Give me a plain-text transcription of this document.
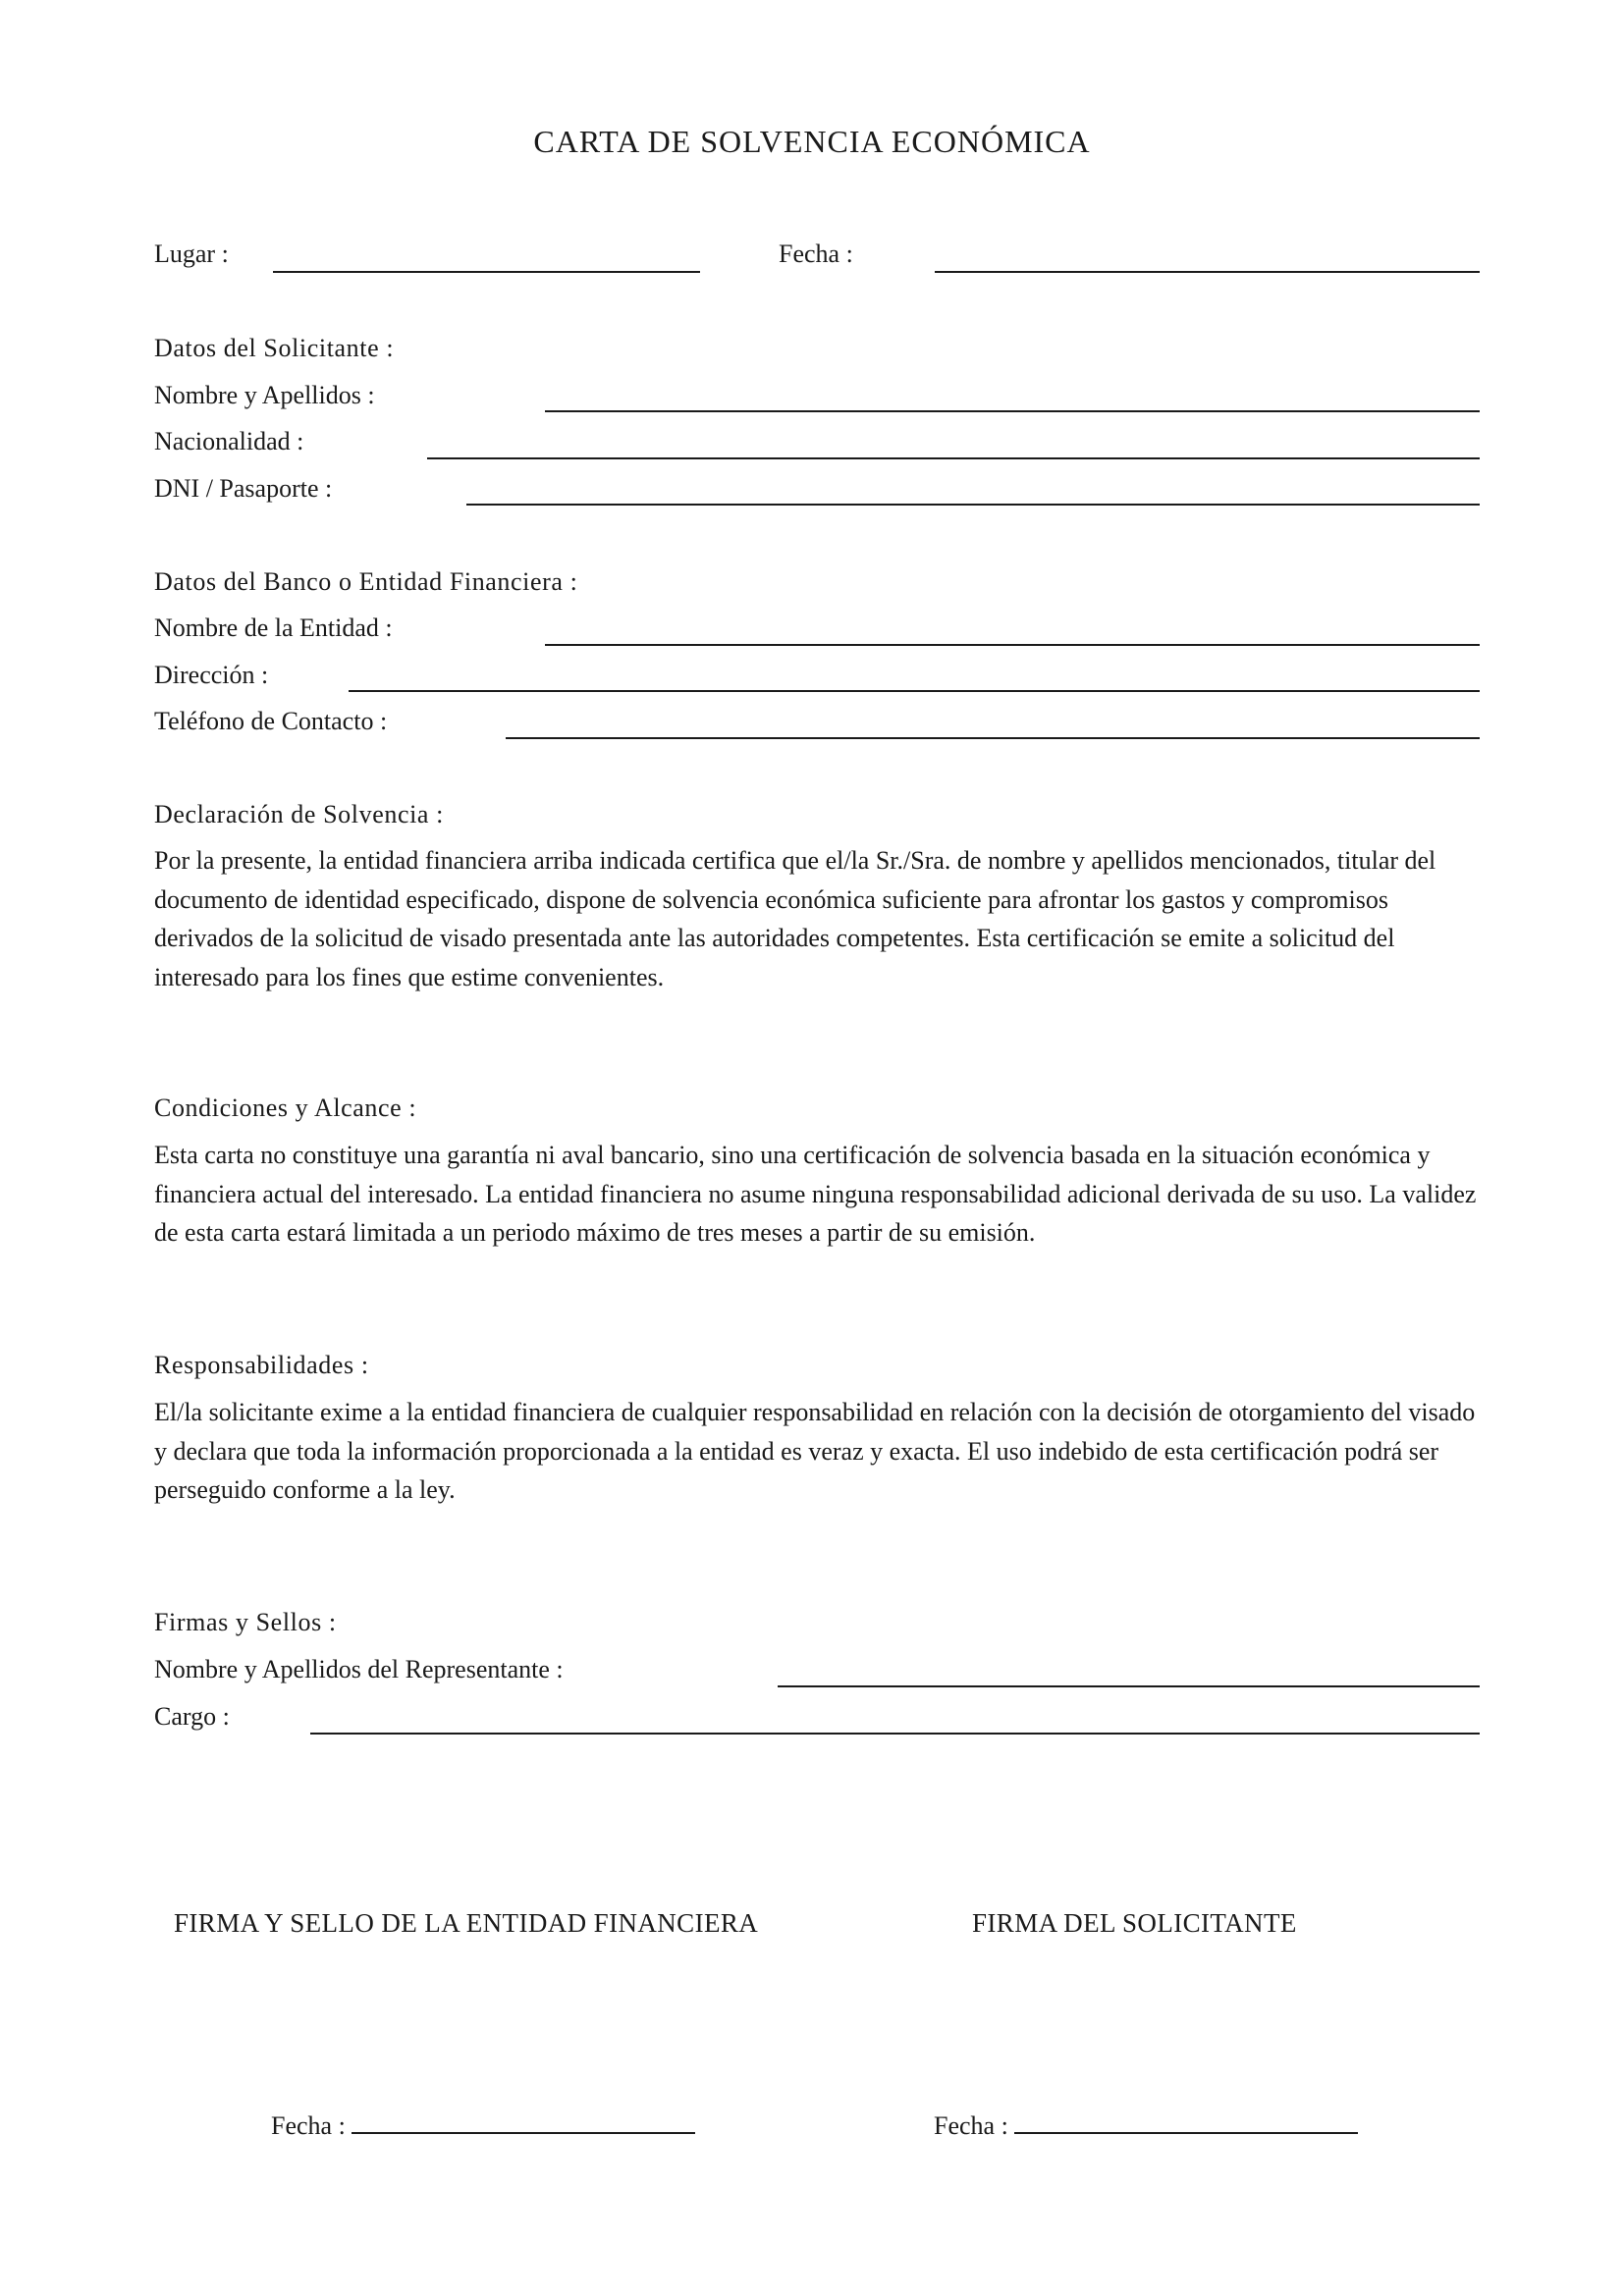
CARTA DE SOLVENCIA ECONÓMICA
Lugar :	Fecha :
Datos del Solicitante :
Nombre y Apellidos :
Nacionalidad :
DNI / Pasaporte :
Datos del Banco o Entidad Financiera :
Nombre de la Entidad :
Dirección :
Teléfono de Contacto :
Declaración de Solvencia :
Por la presente, la entidad financiera arriba indicada certifica que el/la Sr./Sra. de nombre y apellidos mencionados, titular del documento de identidad especificado, dispone de solvencia económica suficiente para afrontar los gastos y compromisos derivados de la solicitud de visado presentada ante las autoridades competentes. Esta certificación se emite a solicitud del interesado para los fines que estime convenientes.
Condiciones y Alcance :
Esta carta no constituye una garantía ni aval bancario, sino una certificación de solvencia basada en la situación económica y financiera actual del interesado. La entidad financiera no asume ninguna responsabilidad adicional derivada de su uso. La validez de esta carta estará limitada a un periodo máximo de tres meses a partir de su emisión.
Responsabilidades :
El/la solicitante exime a la entidad financiera de cualquier responsabilidad en relación con la decisión de otorgamiento del visado y declara que toda la información proporcionada a la entidad es veraz y exacta. El uso indebido de esta certificación podrá ser perseguido conforme a la ley.
Firmas y Sellos :
Nombre y Apellidos del Representante :
Cargo :
FIRMA Y SELLO DE LA ENTIDAD FINANCIERA	FIRMA DEL SOLICITANTE
Fecha :	Fecha :
